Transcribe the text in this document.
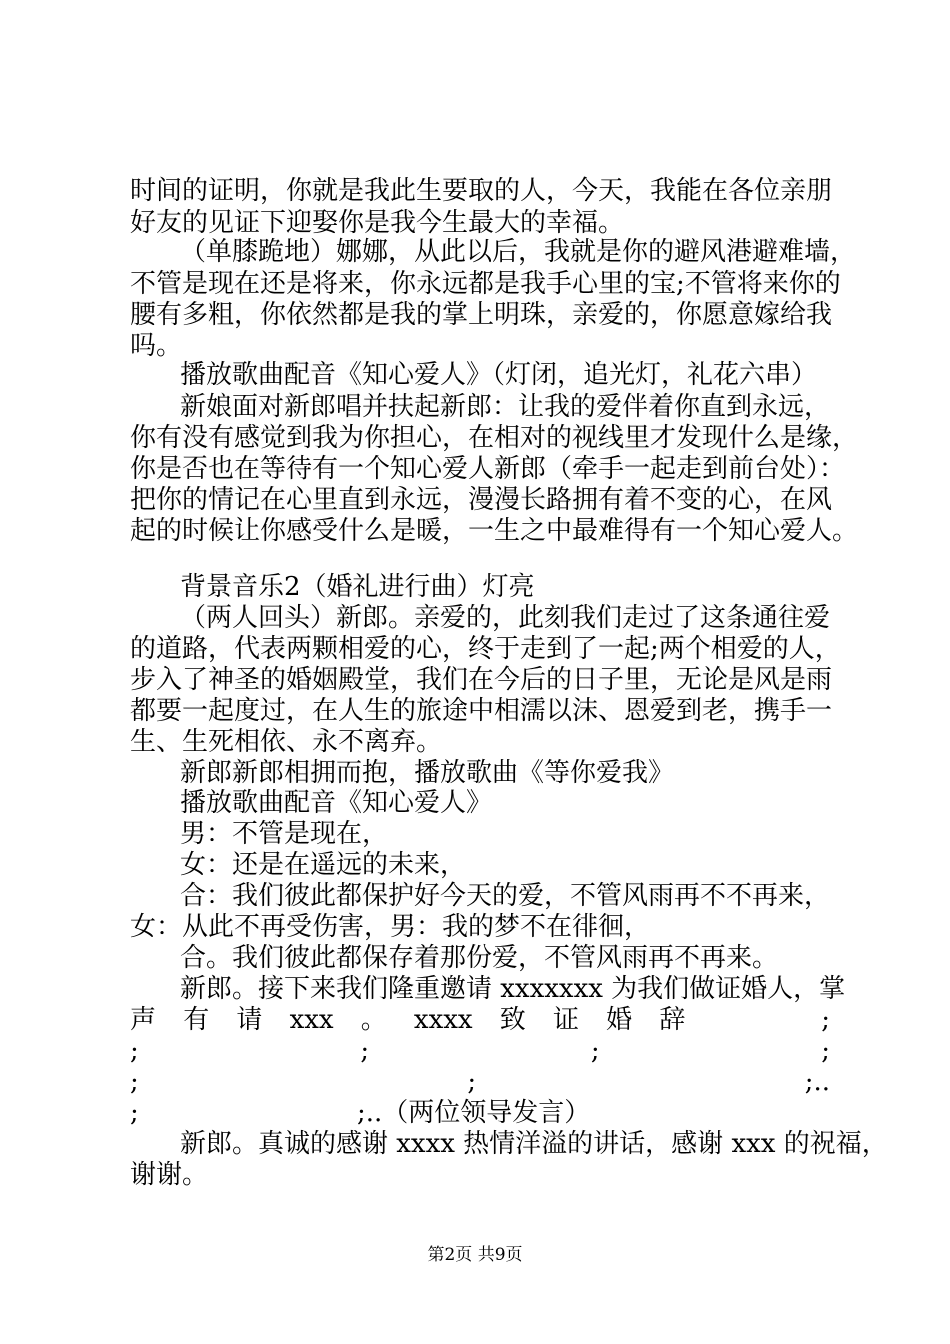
时间的证明，你就是我此生要取的人，今天，我能在各位亲朋
好友的见证下迎娶你是我今生最大的幸福。
（单膝跪地）娜娜，从此以后，我就是你的避风港避难墙，
不管是现在还是将来，你永远都是我手心里的宝;不管将来你的
腰有多粗，你依然都是我的掌上明珠，亲爱的，你愿意嫁给我
吗。
播放歌曲配音《知心爱人》（灯闭，追光灯，礼花六串）
新娘面对新郎唱并扶起新郎：让我的爱伴着你直到永远，
你有没有感觉到我为你担心，在相对的视线里才发现什么是缘，
你是否也在等待有一个知心爱人新郎（牵手一起走到前台处）：
把你的情记在心里直到永远，漫漫长路拥有着不变的心，在风
起的时候让你感受什么是暖，一生之中最难得有一个知心爱人。
背景音乐2（婚礼进行曲）灯亮
（两人回头）新郎。亲爱的，此刻我们走过了这条通往爱
的道路，代表两颗相爱的心，终于走到了一起;两个相爱的人，
步入了神圣的婚姻殿堂，我们在今后的日子里，无论是风是雨
都要一起度过，在人生的旅途中相濡以沫、恩爱到老，携手一
生、生死相依、永不离弃。
新郎新郎相拥而抱，播放歌曲《等你爱我》
播放歌曲配音《知心爱人》
男：不管是现在，
女：还是在遥远的未来，
合：我们彼此都保护好今天的爱，不管风雨再不不再来，
女：从此不再受伤害，男：我的梦不在徘徊，
合。我们彼此都保存着那份爱，不管风雨再不再来。
新郎。接下来我们隆重邀请 xxxxxxx 为我们做证婚人，掌
声 有 请 xxx 。 xxxx 致 证 婚 辞	;
;	;	;	;
;	;	;..
;	;..（两位领导发言）
新郎。真诚的感谢 xxxx 热情洋溢的讲话，感谢 xxx 的祝福，
谢谢。
第2页 共9页
